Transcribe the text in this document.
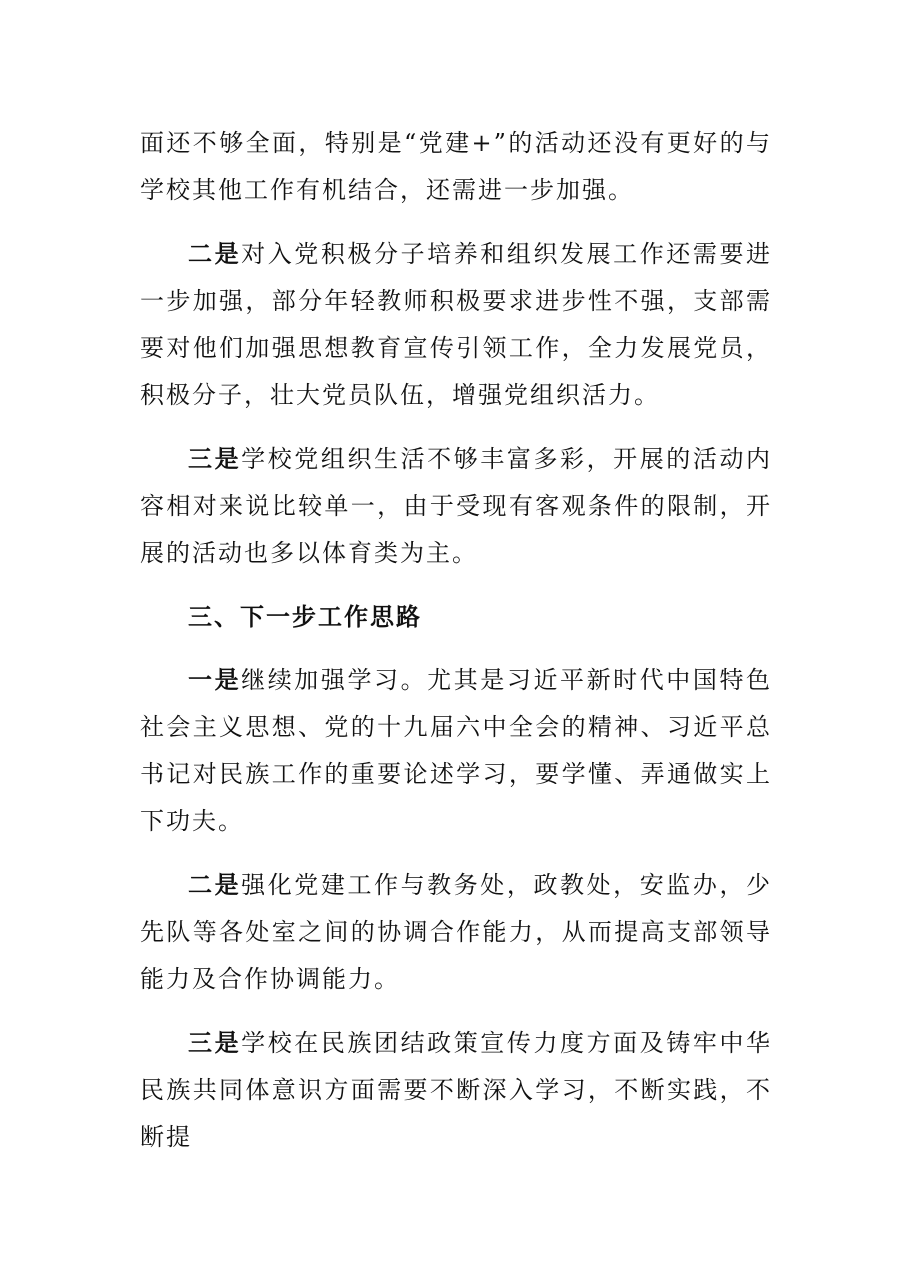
面还不够全面，特别是“党建+”的活动还没有更好的与学校其他工作有机结合，还需进一步加强。

二是对入党积极分子培养和组织发展工作还需要进一步加强，部分年轻教师积极要求进步性不强，支部需要对他们加强思想教育宣传引领工作，全力发展党员，积极分子，壮大党员队伍，增强党组织活力。

三是学校党组织生活不够丰富多彩，开展的活动内容相对来说比较单一，由于受现有客观条件的限制，开展的活动也多以体育类为主。

三、下一步工作思路

一是继续加强学习。尤其是习近平新时代中国特色社会主义思想、党的十九届六中全会的精神、习近平总书记对民族工作的重要论述学习，要学懂、弄通做实上下功夫。

二是强化党建工作与教务处，政教处，安监办，少先队等各处室之间的协调合作能力，从而提高支部领导能力及合作协调能力。

三是学校在民族团结政策宣传力度方面及铸牢中华民族共同体意识方面需要不断深入学习，不断实践，不断提
